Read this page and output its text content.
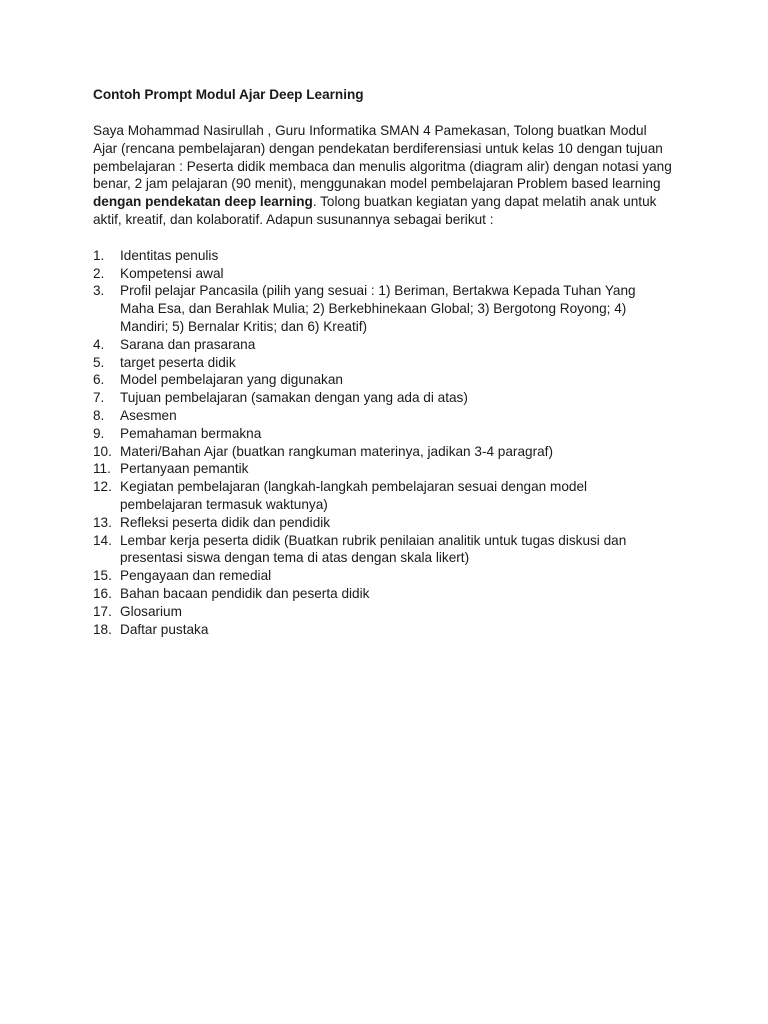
Contoh Prompt Modul Ajar Deep Learning

Saya Mohammad Nasirullah , Guru Informatika SMAN 4 Pamekasan, Tolong buatkan Modul Ajar (rencana pembelajaran) dengan pendekatan berdiferensiasi untuk kelas 10 dengan tujuan pembelajaran : Peserta didik membaca dan menulis algoritma (diagram alir) dengan notasi yang benar, 2 jam pelajaran (90 menit), menggunakan model pembelajaran Problem based learning dengan pendekatan deep learning. Tolong buatkan kegiatan yang dapat melatih anak untuk aktif, kreatif, dan kolaboratif. Adapun susunannya sebagai berikut :

1. Identitas penulis
2. Kompetensi awal
3. Profil pelajar Pancasila (pilih yang sesuai : 1) Beriman, Bertakwa Kepada Tuhan Yang Maha Esa, dan Berahlak Mulia; 2) Berkebhinekaan Global; 3) Bergotong Royong; 4) Mandiri; 5) Bernalar Kritis; dan 6) Kreatif)
4. Sarana dan prasarana
5. target peserta didik
6. Model pembelajaran yang digunakan
7. Tujuan pembelajaran (samakan dengan yang ada di atas)
8. Asesmen
9. Pemahaman bermakna
10. Materi/Bahan Ajar (buatkan rangkuman materinya, jadikan 3-4 paragraf)
11. Pertanyaan pemantik
12. Kegiatan pembelajaran (langkah-langkah pembelajaran sesuai dengan model pembelajaran termasuk waktunya)
13. Refleksi peserta didik dan pendidik
14. Lembar kerja peserta didik (Buatkan rubrik penilaian analitik untuk tugas diskusi dan presentasi siswa dengan tema di atas dengan skala likert)
15. Pengayaan dan remedial
16. Bahan bacaan pendidik dan peserta didik
17. Glosarium
18. Daftar pustaka
